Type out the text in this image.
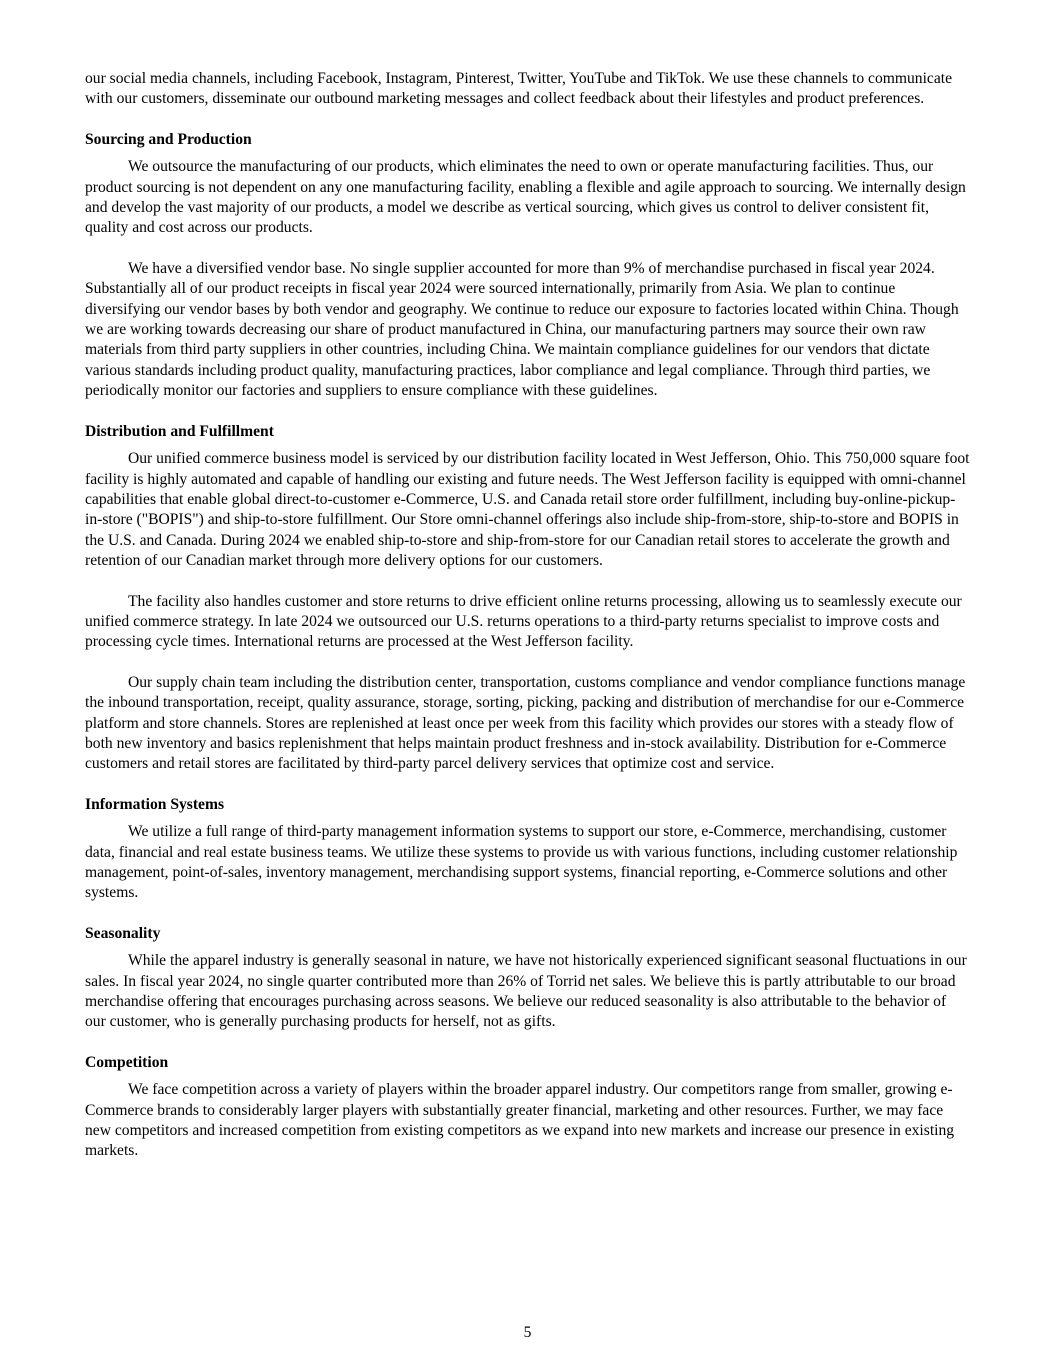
our social media channels, including Facebook, Instagram, Pinterest, Twitter, YouTube and TikTok. We use these channels to communicate with our customers, disseminate our outbound marketing messages and collect feedback about their lifestyles and product preferences.

Sourcing and Production

We outsource the manufacturing of our products, which eliminates the need to own or operate manufacturing facilities. Thus, our product sourcing is not dependent on any one manufacturing facility, enabling a flexible and agile approach to sourcing. We internally design and develop the vast majority of our products, a model we describe as vertical sourcing, which gives us control to deliver consistent fit, quality and cost across our products.

We have a diversified vendor base. No single supplier accounted for more than 9% of merchandise purchased in fiscal year 2024. Substantially all of our product receipts in fiscal year 2024 were sourced internationally, primarily from Asia. We plan to continue diversifying our vendor bases by both vendor and geography. We continue to reduce our exposure to factories located within China. Though we are working towards decreasing our share of product manufactured in China, our manufacturing partners may source their own raw materials from third party suppliers in other countries, including China. We maintain compliance guidelines for our vendors that dictate various standards including product quality, manufacturing practices, labor compliance and legal compliance. Through third parties, we periodically monitor our factories and suppliers to ensure compliance with these guidelines.

Distribution and Fulfillment

Our unified commerce business model is serviced by our distribution facility located in West Jefferson, Ohio. This 750,000 square foot facility is highly automated and capable of handling our existing and future needs. The West Jefferson facility is equipped with omni-channel capabilities that enable global direct-to-customer e-Commerce, U.S. and Canada retail store order fulfillment, including buy-online-pickup-in-store ("BOPIS") and ship-to-store fulfillment. Our Store omni-channel offerings also include ship-from-store, ship-to-store and BOPIS in the U.S. and Canada. During 2024 we enabled ship-to-store and ship-from-store for our Canadian retail stores to accelerate the growth and retention of our Canadian market through more delivery options for our customers.

The facility also handles customer and store returns to drive efficient online returns processing, allowing us to seamlessly execute our unified commerce strategy. In late 2024 we outsourced our U.S. returns operations to a third-party returns specialist to improve costs and processing cycle times. International returns are processed at the West Jefferson facility.

Our supply chain team including the distribution center, transportation, customs compliance and vendor compliance functions manage the inbound transportation, receipt, quality assurance, storage, sorting, picking, packing and distribution of merchandise for our e-Commerce platform and store channels. Stores are replenished at least once per week from this facility which provides our stores with a steady flow of both new inventory and basics replenishment that helps maintain product freshness and in-stock availability. Distribution for e-Commerce customers and retail stores are facilitated by third-party parcel delivery services that optimize cost and service.

Information Systems

We utilize a full range of third-party management information systems to support our store, e-Commerce, merchandising, customer data, financial and real estate business teams. We utilize these systems to provide us with various functions, including customer relationship management, point-of-sales, inventory management, merchandising support systems, financial reporting, e-Commerce solutions and other systems.

Seasonality

While the apparel industry is generally seasonal in nature, we have not historically experienced significant seasonal fluctuations in our sales. In fiscal year 2024, no single quarter contributed more than 26% of Torrid net sales. We believe this is partly attributable to our broad merchandise offering that encourages purchasing across seasons. We believe our reduced seasonality is also attributable to the behavior of our customer, who is generally purchasing products for herself, not as gifts.

Competition

We face competition across a variety of players within the broader apparel industry. Our competitors range from smaller, growing e-Commerce brands to considerably larger players with substantially greater financial, marketing and other resources. Further, we may face new competitors and increased competition from existing competitors as we expand into new markets and increase our presence in existing markets.

5
